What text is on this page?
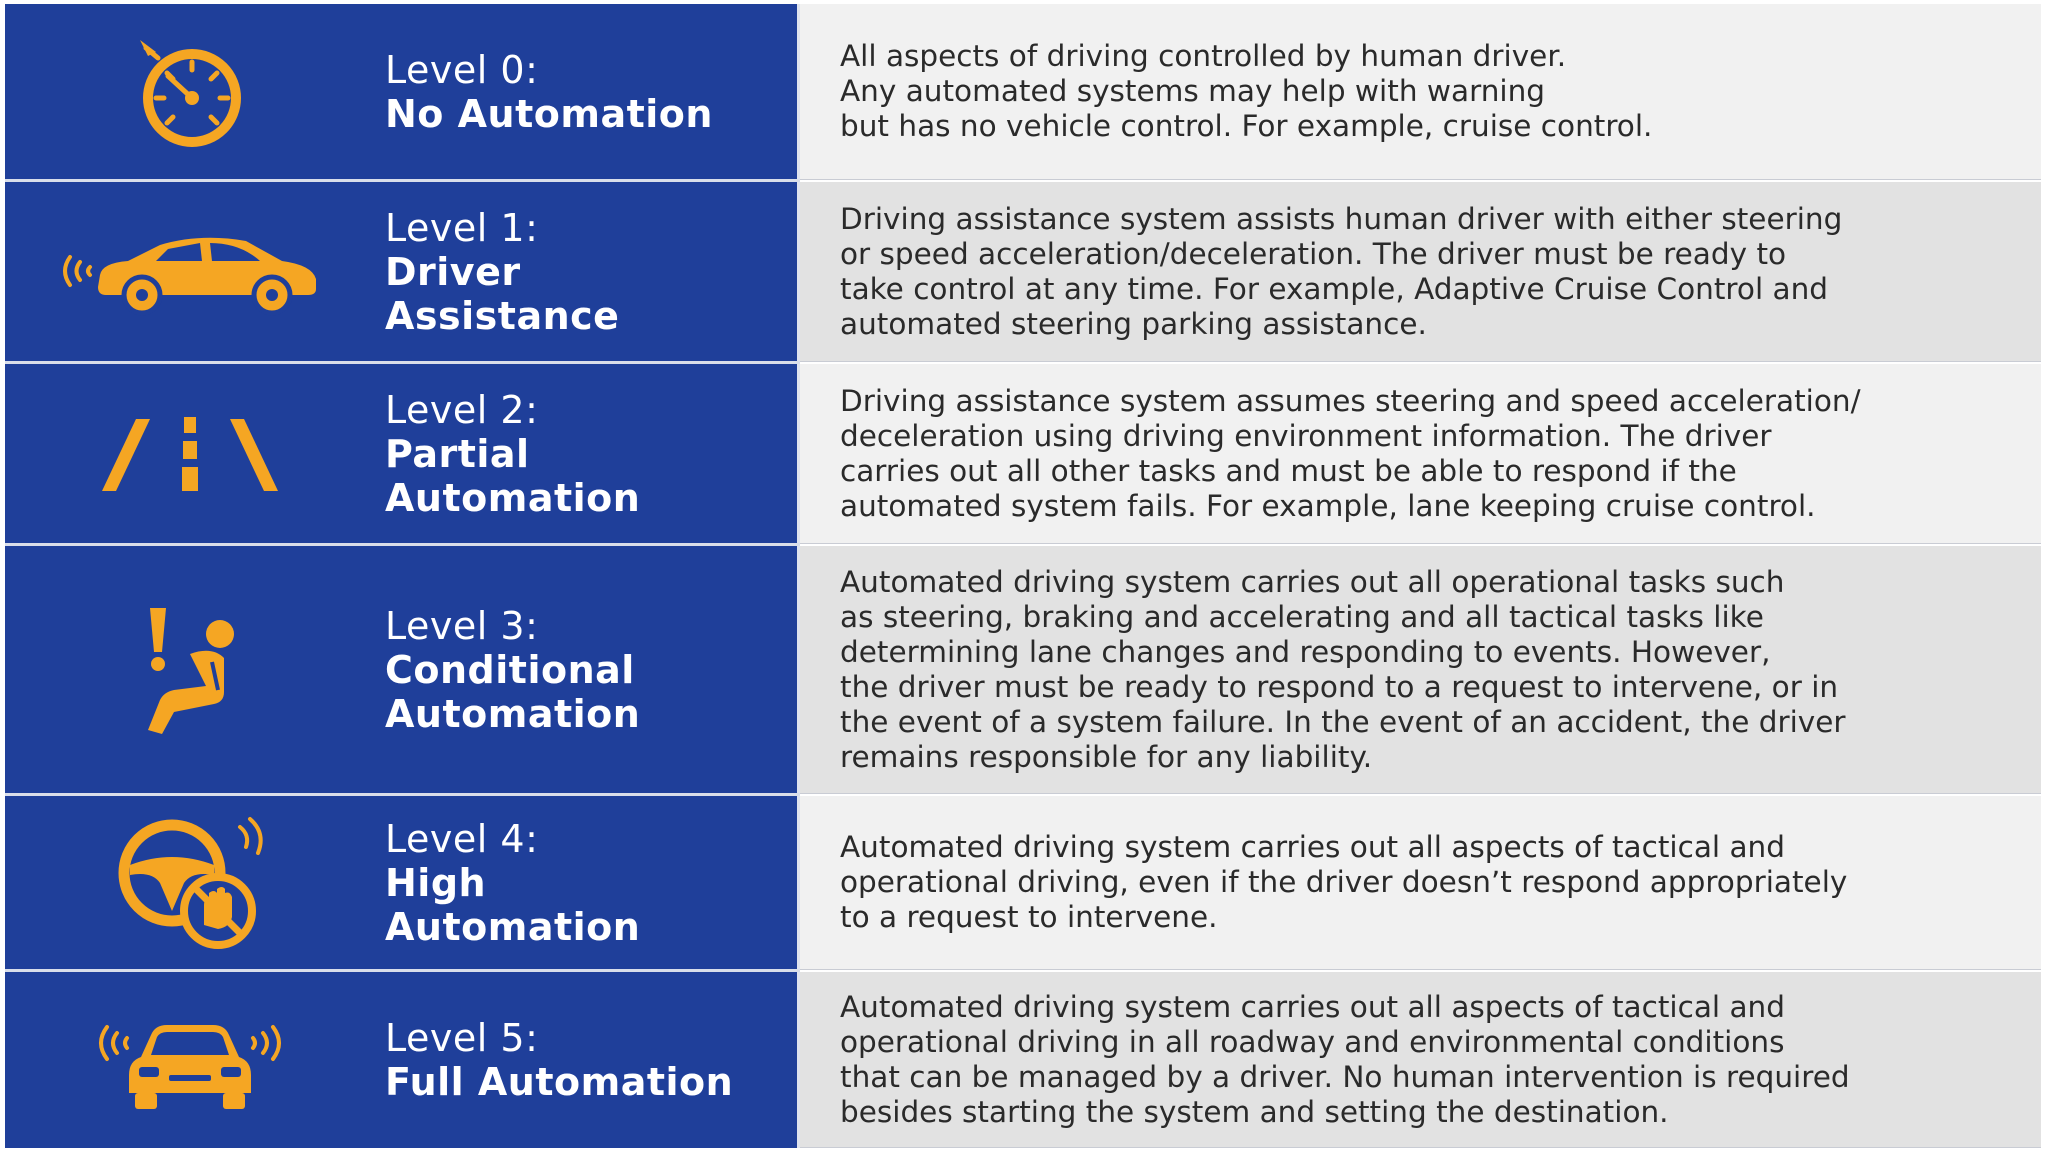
Level 0:
No Automation
All aspects of driving controlled by human driver.
Any automated systems may help with warning
but has no vehicle control. For example, cruise control.
Level 1:
Driver
Assistance
Driving assistance system assists human driver with either steering
or speed acceleration/deceleration. The driver must be ready to
take control at any time. For example, Adaptive Cruise Control and
automated steering parking assistance.
Level 2:
Partial
Automation
Driving assistance system assumes steering and speed acceleration/
deceleration using driving environment information. The driver
carries out all other tasks and must be able to respond if the
automated system fails. For example, lane keeping cruise control.
Level 3:
Conditional
Automation
Automated driving system carries out all operational tasks such
as steering, braking and accelerating and all tactical tasks like
determining lane changes and responding to events. However,
the driver must be ready to respond to a request to intervene, or in
the event of a system failure. In the event of an accident, the driver
remains responsible for any liability.
Level 4:
High
Automation
Automated driving system carries out all aspects of tactical and
operational driving, even if the driver doesn’t respond appropriately
to a request to intervene.
Level 5:
Full Automation
Automated driving system carries out all aspects of tactical and
operational driving in all roadway and environmental conditions
that can be managed by a driver. No human intervention is required
besides starting the system and setting the destination.
